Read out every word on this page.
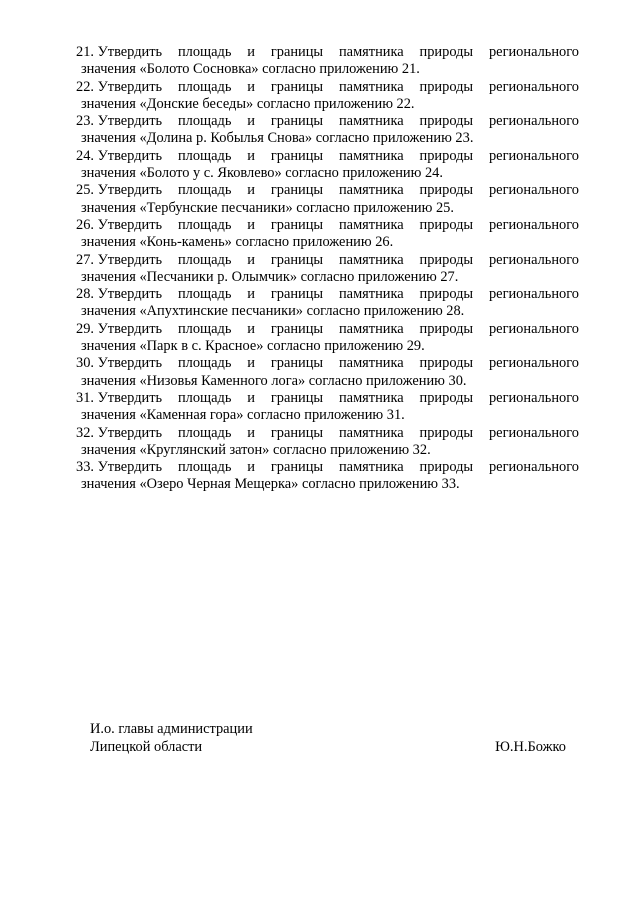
21. Утвердить площадь и границы памятника природы регионального
значения «Болото Сосновка» согласно приложению 21.
22. Утвердить площадь и границы памятника природы регионального
значения «Донские беседы» согласно приложению 22.
23. Утвердить площадь и границы памятника природы регионального
значения «Долина р. Кобылья Снова» согласно приложению 23.
24. Утвердить площадь и границы памятника природы регионального
значения «Болото у с. Яковлево» согласно приложению 24.
25. Утвердить площадь и границы памятника природы регионального
значения «Тербунские песчаники» согласно приложению 25.
26. Утвердить площадь и границы памятника природы регионального
значения «Конь-камень» согласно приложению 26.
27. Утвердить площадь и границы памятника природы регионального
значения «Песчаники р. Олымчик» согласно приложению 27.
28. Утвердить площадь и границы памятника природы регионального
значения «Апухтинские песчаники» согласно приложению 28.
29. Утвердить площадь и границы памятника природы регионального
значения «Парк в с. Красное» согласно приложению 29.
30. Утвердить площадь и границы памятника природы регионального
значения «Низовья Каменного лога» согласно приложению 30.
31. Утвердить площадь и границы памятника природы регионального
значения «Каменная гора» согласно приложению 31.
32. Утвердить площадь и границы памятника природы регионального
значения «Круглянский затон» согласно приложению 32.
33. Утвердить площадь и границы памятника природы регионального
значения «Озеро Черная Мещерка» согласно приложению 33.
И.о. главы администрации
Липецкой области	Ю.Н.Божко
